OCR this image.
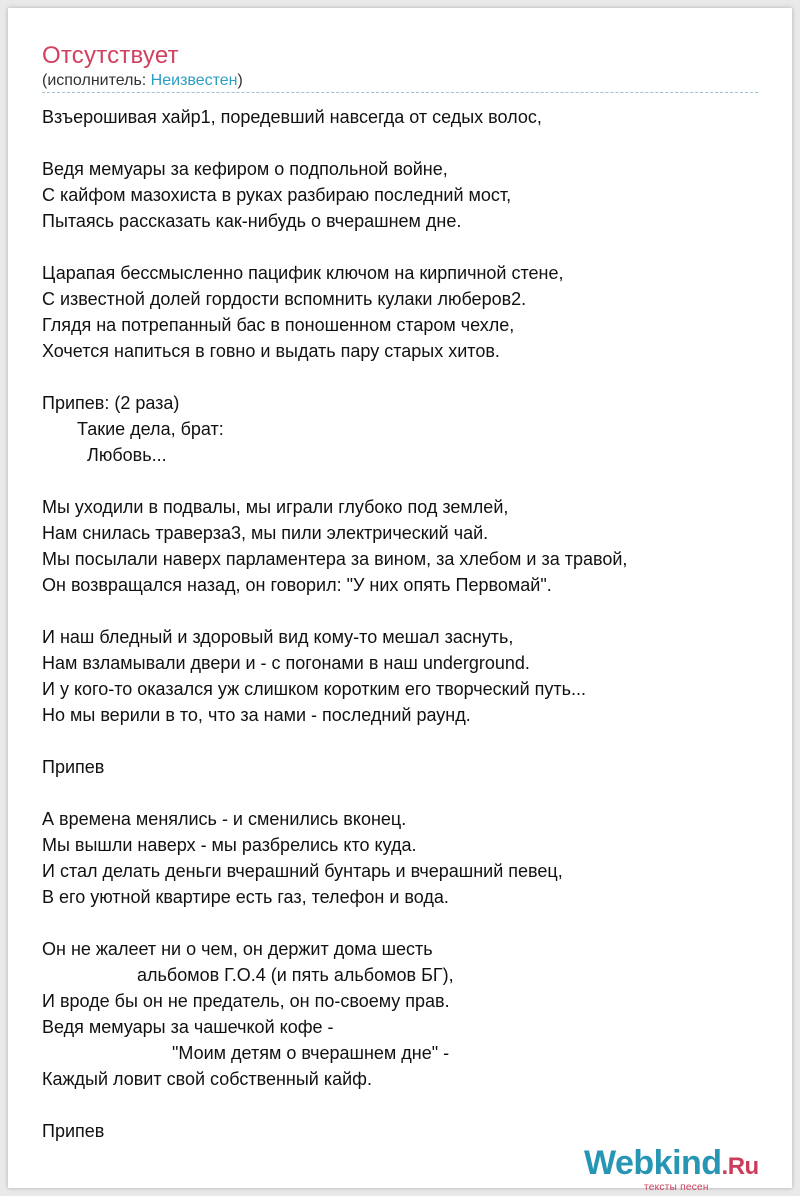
Отсутствует
(исполнитель: Неизвестен)
Взъерошивая хайр1, поредевший навсегда от седых волос,

Ведя мемуары за кефиром о подпольной войне,
С кайфом мазохиста в руках разбираю последний мост,
Пытаясь рассказать как-нибудь о вчерашнем дне.

Царапая бессмысленно пацифик ключом на кирпичной стене,
С известной долей гордости вспомнить кулаки люберов2.
Глядя на потрепанный бас в поношенном старом чехле,
Хочется напиться в говно и выдать пару старых хитов.

Припев: (2 раза)
Такие дела, брат:
Любовь...

Мы уходили в подвалы, мы играли глубоко под землей,
Нам снилась траверза3, мы пили электрический чай.
Мы посылали наверх парламентера за вином, за хлебом и за травой,
Он возвращался назад, он говорил: "У них опять Первомай".

И наш бледный и здоровый вид кому-то мешал заснуть,
Нам взламывали двери и - с погонами в наш underground.
И у кого-то оказался уж слишком коротким его творческий путь...
Но мы верили в то, что за нами - последний раунд.

Припев

А времена менялись - и сменились вконец.
Мы вышли наверх - мы разбрелись кто куда.
И стал делать деньги вчерашний бунтарь и вчерашний певец,
В его уютной квартире есть газ, телефон и вода.

Он не жалеет ни о чем, он держит дома шесть
альбомов Г.О.4 (и пять альбомов БГ),
И вроде бы он не предатель, он по-своему прав.
Ведя мемуары за чашечкой кофе -
"Моим детям о вчерашнем дне" -
Каждый ловит свой собственный кайф.

Припев
Webkind.Ru
тексты песен
